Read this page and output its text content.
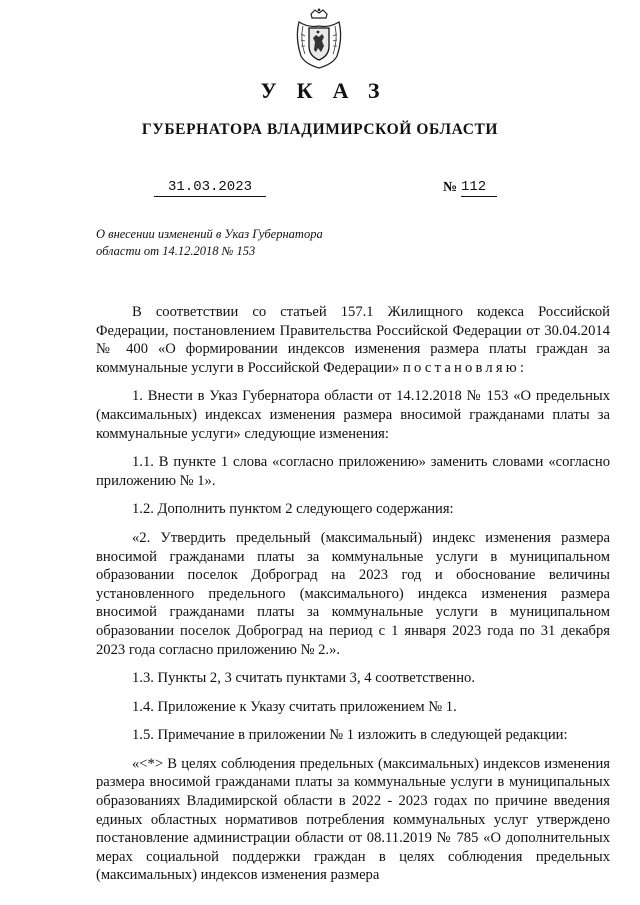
УКАЗ
ГУБЕРНАТОРА ВЛАДИМИРСКОЙ ОБЛАСТИ
31.03.2023	№ 112
О внесении изменений в Указ Губернатора
области от 14.12.2018 № 153

В соответствии со статьей 157.1 Жилищного кодекса Российской Федерации, постановлением Правительства Российской Федерации от 30.04.2014 № 400 «О формировании индексов изменения размера платы граждан за коммунальные услуги в Российской Федерации» постановляю:

1. Внести в Указ Губернатора области от 14.12.2018 № 153 «О предельных (максимальных) индексах изменения размера вносимой гражданами платы за коммунальные услуги» следующие изменения:

1.1. В пункте 1 слова «согласно приложению» заменить словами «согласно приложению № 1».

1.2. Дополнить пунктом 2 следующего содержания:

«2. Утвердить предельный (максимальный) индекс изменения размера вносимой гражданами платы за коммунальные услуги в муниципальном образовании поселок Доброград на 2023 год и обоснование величины установленного предельного (максимального) индекса изменения размера вносимой гражданами платы за коммунальные услуги в муниципальном образовании поселок Доброград на период с 1 января 2023 года по 31 декабря 2023 года согласно приложению № 2.».

1.3. Пункты 2, 3 считать пунктами 3, 4 соответственно.

1.4. Приложение к Указу считать приложением № 1.

1.5. Примечание в приложении № 1 изложить в следующей редакции:

«<*> В целях соблюдения предельных (максимальных) индексов изменения размера вносимой гражданами платы за коммунальные услуги в муниципальных образованиях Владимирской области в 2022 - 2023 годах по причине введения единых областных нормативов потребления коммунальных услуг утверждено постановление администрации области от 08.11.2019 № 785 «О дополнительных мерах социальной поддержки граждан в целях соблюдения предельных (максимальных) индексов изменения размера
